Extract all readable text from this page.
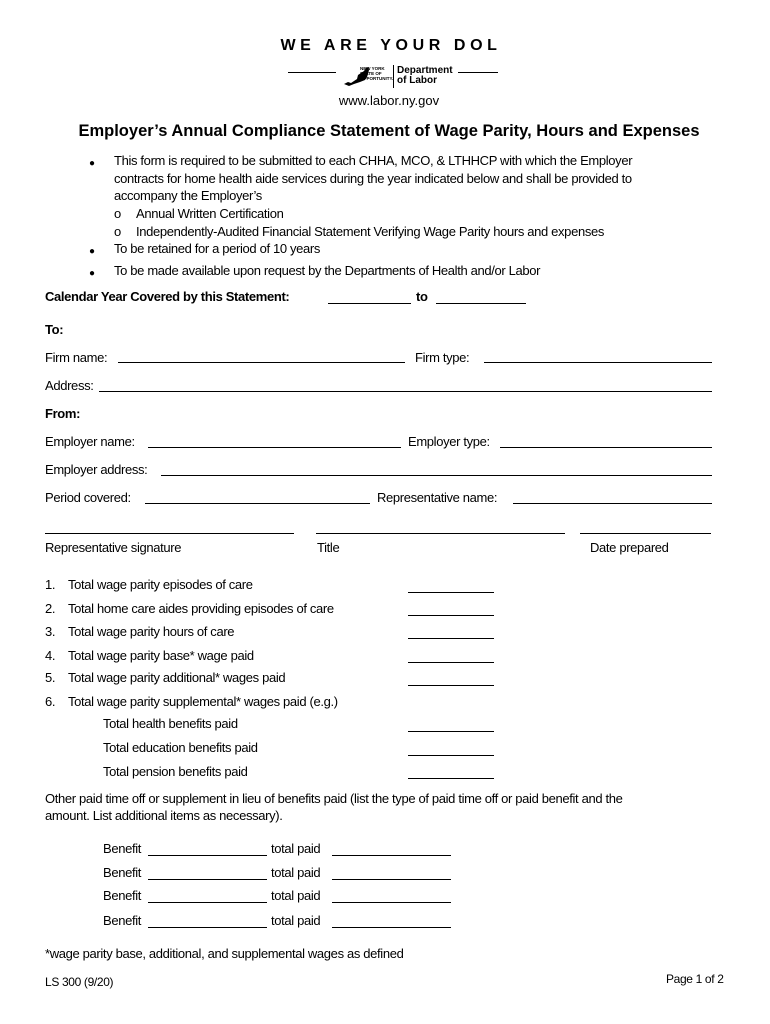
WE ARE YOUR DOL
NEW YORK STATE OF OPPORTUNITY.
Department
of Labor
www.labor.ny.gov
Employer’s Annual Compliance Statement of Wage Parity, Hours and Expenses
● This form is required to be submitted to each CHHA, MCO, & LTHHCP with which the Employer
contracts for home health aide services during the year indicated below and shall be provided to
accompany the Employer’s
o Annual Written Certification
o Independently-Audited Financial Statement Verifying Wage Parity hours and expenses
● To be retained for a period of 10 years
● To be made available upon request by the Departments of Health and/or Labor
Calendar Year Covered by this Statement:	to
To:
Firm name:	Firm type:
Address:
From:
Employer name:	Employer type:
Employer address:
Period covered:	Representative name:
Representative signature	Title	Date prepared
1. Total wage parity episodes of care
2. Total home care aides providing episodes of care
3. Total wage parity hours of care
4. Total wage parity base* wage paid
5. Total wage parity additional* wages paid
6. Total wage parity supplemental* wages paid (e.g.)
Total health benefits paid
Total education benefits paid
Total pension benefits paid
Other paid time off or supplement in lieu of benefits paid (list the type of paid time off or paid benefit and the
amount. List additional items as necessary).
Benefit	total paid
Benefit	total paid
Benefit	total paid
Benefit	total paid
*wage parity base, additional, and supplemental wages as defined
LS 300 (9/20)	Page 1 of 2
